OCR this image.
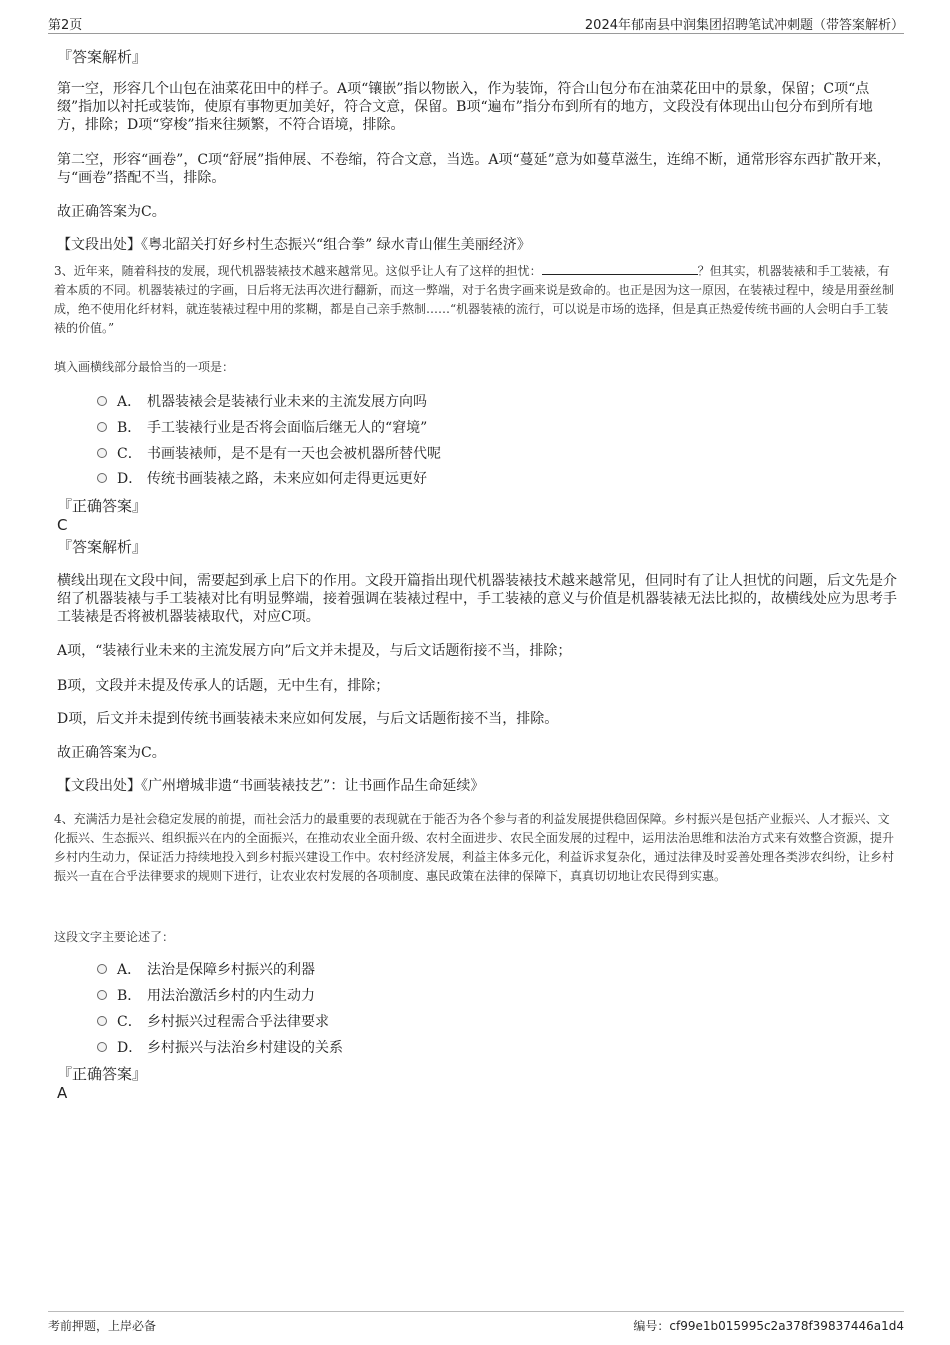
第2页	2024年郁南县中润集团招聘笔试冲刺题（带答案解析）
『答案解析』
第一空，形容几个山包在油菜花田中的样子。A项“镶嵌”指以物嵌入，作为装饰，符合山包分布在油菜花田中的景象，保留；C项“点缀”指加以衬托或装饰，使原有事物更加美好，符合文意，保留。B项“遍布”指分布到所有的地方，文段没有体现出山包分布到所有地方，排除；D项“穿梭”指来往频繁，不符合语境，排除。
第二空，形容“画卷”，C项“舒展”指伸展、不卷缩，符合文意，当选。A项“蔓延”意为如蔓草滋生，连绵不断，通常形容东西扩散开来，与“画卷”搭配不当，排除。
故正确答案为C。
【文段出处】《粤北韶关打好乡村生态振兴“组合拳” 绿水青山催生美丽经济》
3、近年来，随着科技的发展，现代机器装裱技术越来越常见。这似乎让人有了这样的担忧：	？但其实，机器装裱和手工装裱，有着本质的不同。机器装裱过的字画，日后将无法再次进行翻新，而这一弊端，对于名贵字画来说是致命的。也正是因为这一原因，在装裱过程中，绫是用蚕丝制成，绝不使用化纤材料，就连装裱过程中用的浆糊，都是自己亲手熬制……“机器装裱的流行，可以说是市场的选择，但是真正热爱传统书画的人会明白手工装裱的价值。”
填入画横线部分最恰当的一项是：
A． 机器装裱会是装裱行业未来的主流发展方向吗
B． 手工装裱行业是否将会面临后继无人的“窘境”
C． 书画装裱师，是不是有一天也会被机器所替代呢
D． 传统书画装裱之路，未来应如何走得更远更好
『正确答案』
C
『答案解析』
横线出现在文段中间，需要起到承上启下的作用。文段开篇指出现代机器装裱技术越来越常见，但同时有了让人担忧的问题，后文先是介绍了机器装裱与手工装裱对比有明显弊端，接着强调在装裱过程中，手工装裱的意义与价值是机器装裱无法比拟的，故横线处应为思考手工装裱是否将被机器装裱取代，对应C项。
A项，“装裱行业未来的主流发展方向”后文并未提及，与后文话题衔接不当，排除；
B项，文段并未提及传承人的话题，无中生有，排除；
D项，后文并未提到传统书画装裱未来应如何发展，与后文话题衔接不当，排除。
故正确答案为C。
【文段出处】《广州增城非遗“书画装裱技艺”：让书画作品生命延续》
4、充满活力是社会稳定发展的前提，而社会活力的最重要的表现就在于能否为各个参与者的利益发展提供稳固保障。乡村振兴是包括产业振兴、人才振兴、文化振兴、生态振兴、组织振兴在内的全面振兴，在推动农业全面升级、农村全面进步、农民全面发展的过程中，运用法治思维和法治方式来有效整合资源，提升乡村内生动力，保证活力持续地投入到乡村振兴建设工作中。农村经济发展，利益主体多元化，利益诉求复杂化，通过法律及时妥善处理各类涉农纠纷，让乡村振兴一直在合乎法律要求的规则下进行，让农业农村发展的各项制度、惠民政策在法律的保障下，真真切切地让农民得到实惠。
这段文字主要论述了：
A． 法治是保障乡村振兴的利器
B． 用法治激活乡村的内生动力
C． 乡村振兴过程需合乎法律要求
D． 乡村振兴与法治乡村建设的关系
『正确答案』
A
考前押题，上岸必备	编号：cf99e1b015995c2a378f39837446a1d4
